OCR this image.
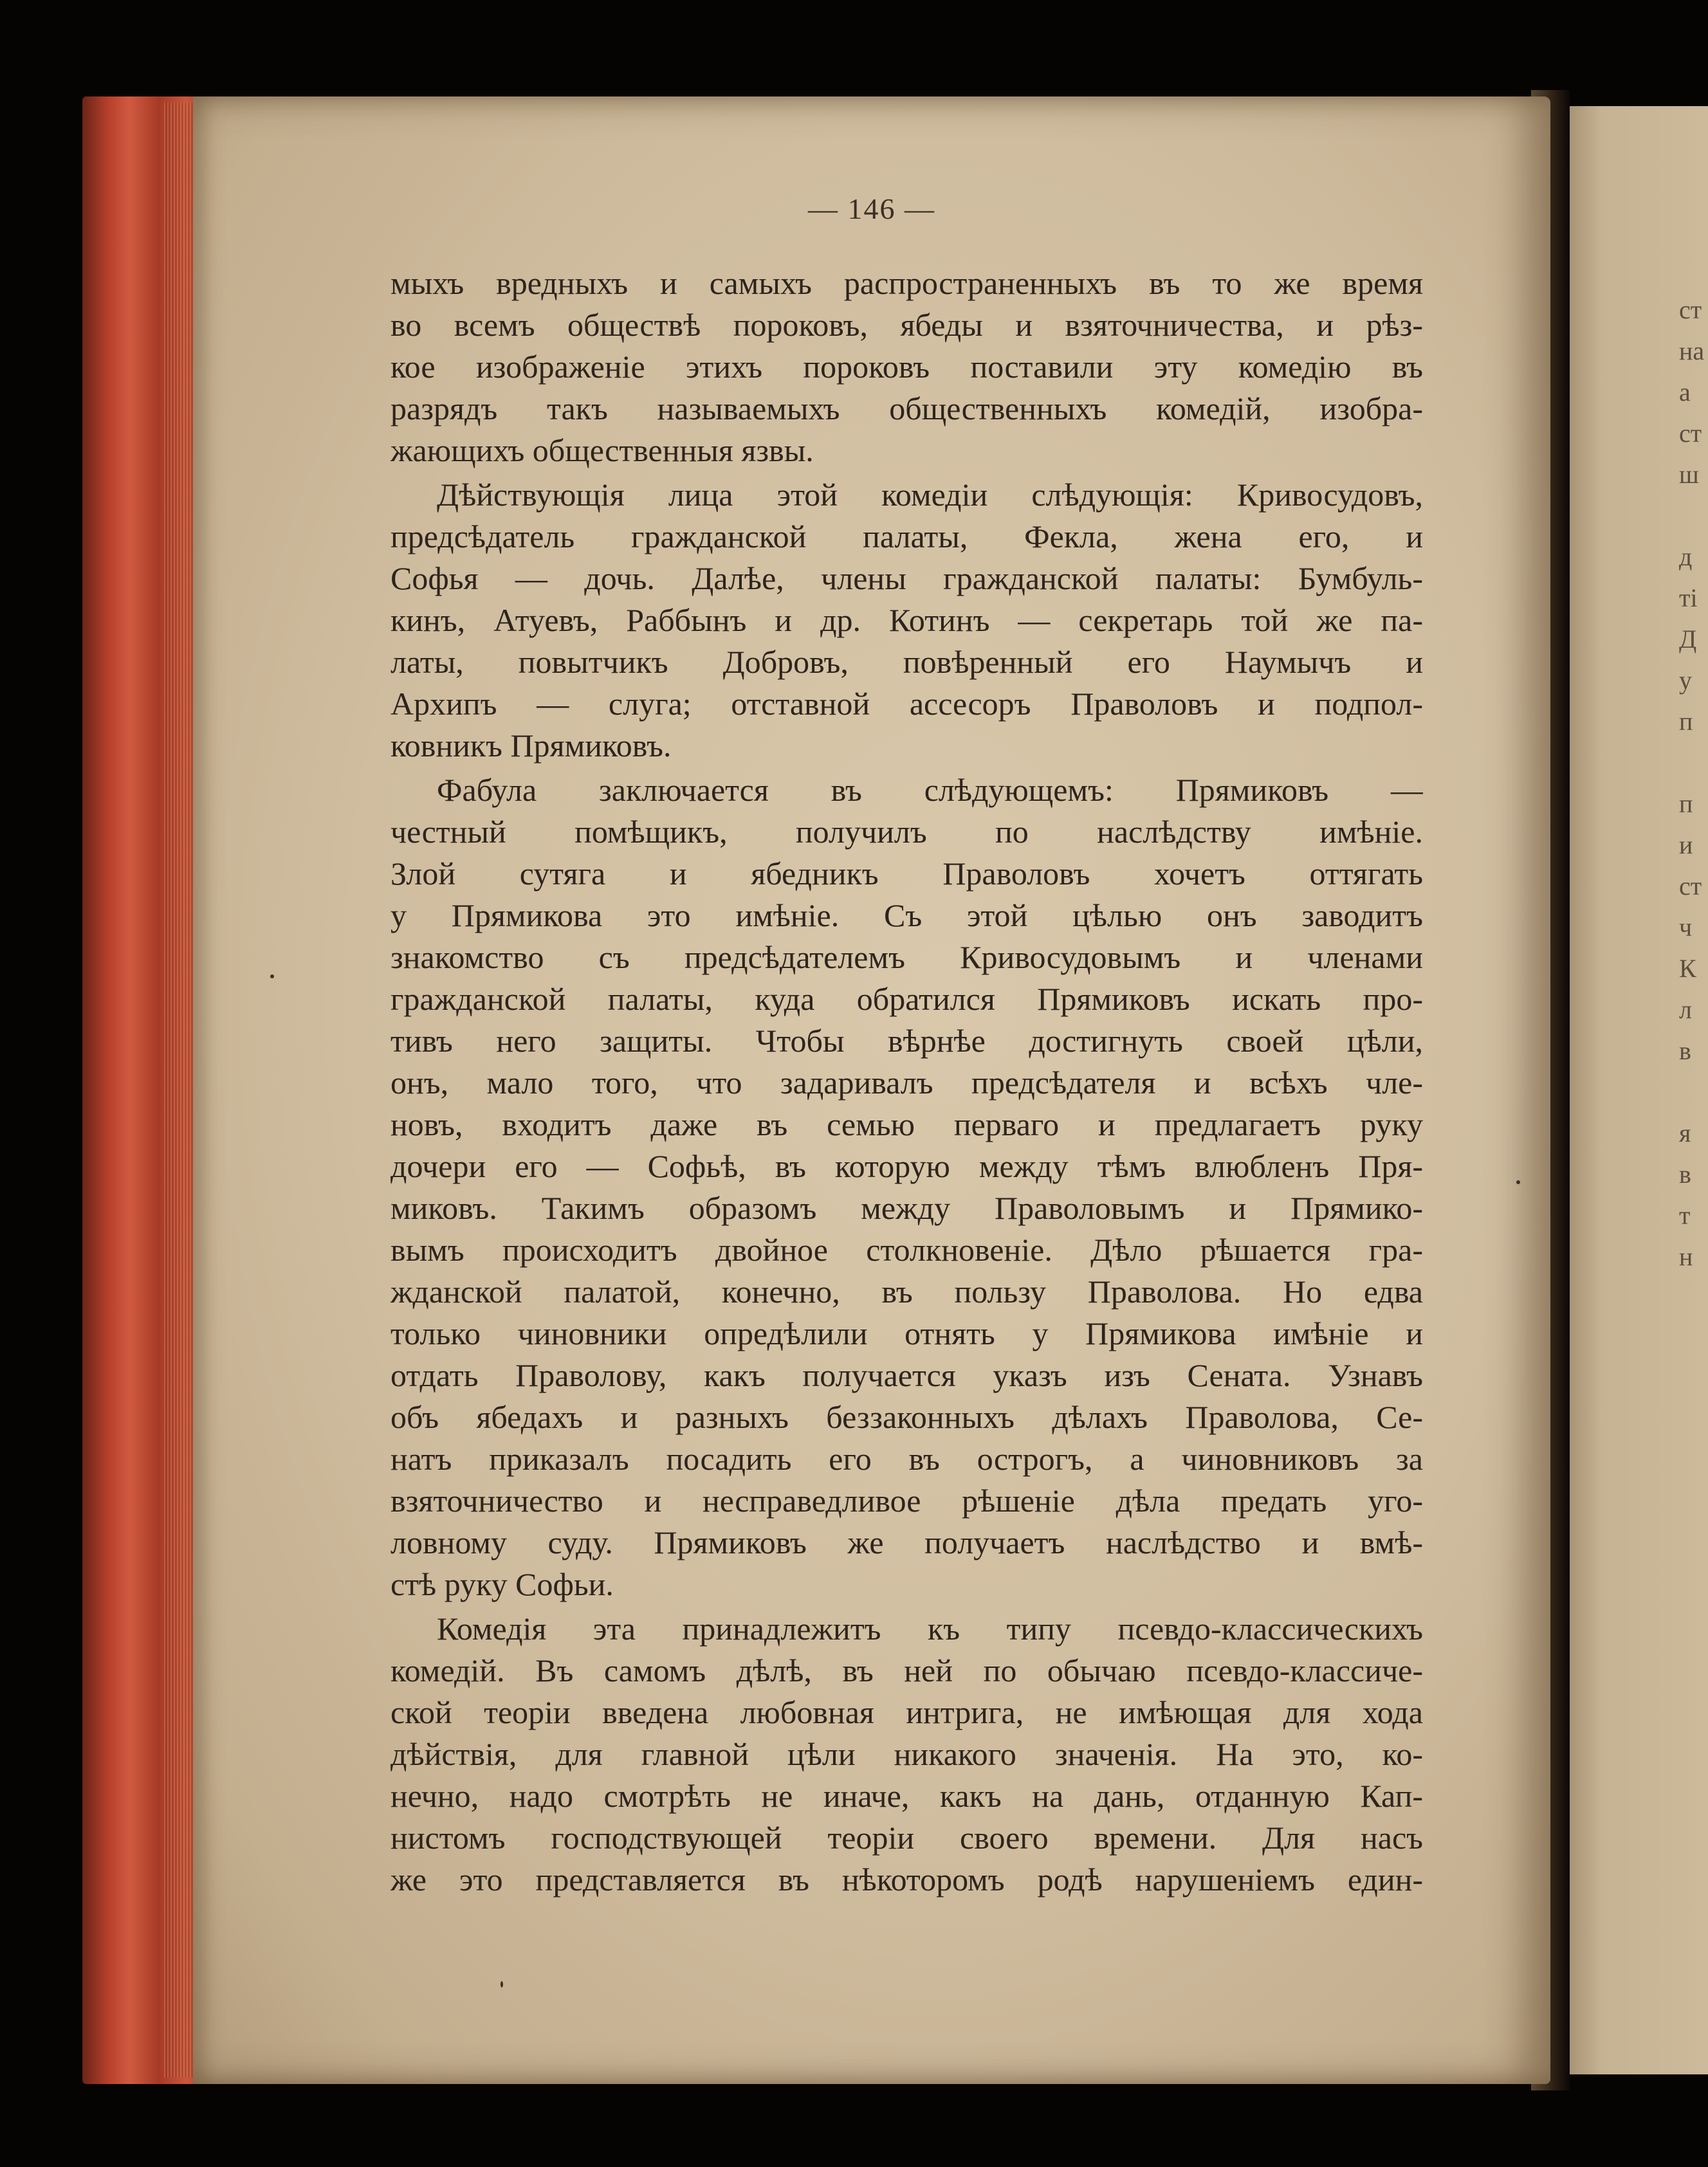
ст
на
а
ст
ш
д
ті
Д
у
п
п
и
ст
ч
К
л
в
я
в
т
н
— 146 —
мыхъ вредныхъ и самыхъ распространенныхъ въ то же время
во всемъ обществѣ пороковъ, ябеды и взяточничества, и рѣз-
кое изображеніе этихъ пороковъ поставили эту комедію въ
разрядъ такъ называемыхъ общественныхъ комедій, изобра-
жающихъ общественныя язвы.
Дѣйствующія лица этой комедіи слѣдующія: Кривосудовъ,
предсѣдатель гражданской палаты, Фекла, жена его, и
Софья — дочь. Далѣе, члены гражданской палаты: Бумбуль-
кинъ, Атуевъ, Раббынъ и др. Котинъ — секретарь той же па-
латы, повытчикъ Добровъ, повѣренный его Наумычъ и
Архипъ — слуга; отставной ассесоръ Праволовъ и подпол-
ковникъ Прямиковъ.
Фабула заключается въ слѣдующемъ: Прямиковъ —
честный помѣщикъ, получилъ по наслѣдству имѣніе.
Злой сутяга и ябедникъ Праволовъ хочетъ оттягать
у Прямикова это имѣніе. Съ этой цѣлью онъ заводитъ
знакомство съ предсѣдателемъ Кривосудовымъ и членами
гражданской палаты, куда обратился Прямиковъ искать про-
тивъ него защиты. Чтобы вѣрнѣе достигнуть своей цѣли,
онъ, мало того, что задаривалъ предсѣдателя и всѣхъ чле-
новъ, входитъ даже въ семью перваго и предлагаетъ руку
дочери его — Софьѣ, въ которую между тѣмъ влюбленъ Пря-
миковъ. Такимъ образомъ между Праволовымъ и Прямико-
вымъ происходитъ двойное столкновеніе. Дѣло рѣшается гра-
жданской палатой, конечно, въ пользу Праволова. Но едва
только чиновники опредѣлили отнять у Прямикова имѣніе и
отдать Праволову, какъ получается указъ изъ Сената. Узнавъ
объ ябедахъ и разныхъ беззаконныхъ дѣлахъ Праволова, Се-
натъ приказалъ посадить его въ острогъ, а чиновниковъ за
взяточничество и несправедливое рѣшеніе дѣла предать уго-
ловному суду. Прямиковъ же получаетъ наслѣдство и вмѣ-
стѣ руку Софьи.
Комедія эта принадлежитъ къ типу псевдо-классическихъ
комедій. Въ самомъ дѣлѣ, въ ней по обычаю псевдо-классиче-
ской теоріи введена любовная интрига, не имѣющая для хода
дѣйствія, для главной цѣли никакого значенія. На это, ко-
нечно, надо смотрѣть не иначе, какъ на дань, отданную Кап-
нистомъ господствующей теоріи своего времени. Для насъ
же это представляется въ нѣкоторомъ родѣ нарушеніемъ един-
